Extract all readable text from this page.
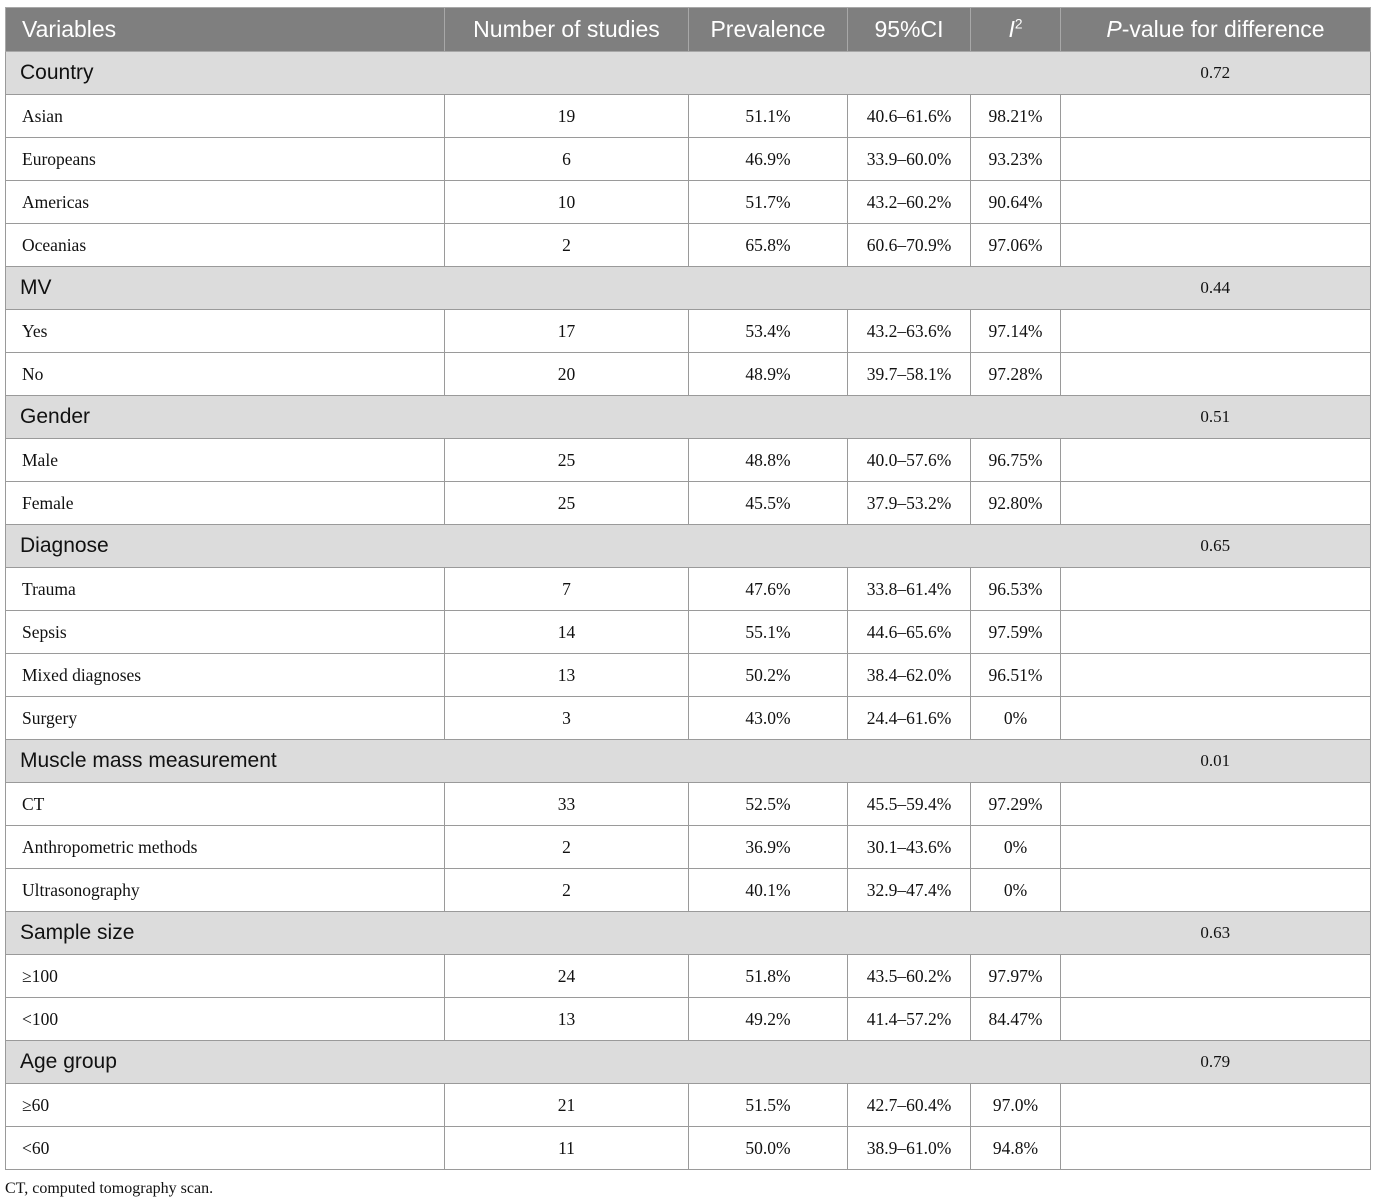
Variables	Number of studies	Prevalence	95%CI	$I^2$	P-value for difference
Country					0.72
Asian	19	51.1%	40.6–61.6%	98.21%	
Europeans	6	46.9%	33.9–60.0%	93.23%	
Americas	10	51.7%	43.2–60.2%	90.64%	
Oceanias	2	65.8%	60.6–70.9%	97.06%	
MV					0.44
Yes	17	53.4%	43.2–63.6%	97.14%	
No	20	48.9%	39.7–58.1%	97.28%	
Gender					0.51
Male	25	48.8%	40.0–57.6%	96.75%	
Female	25	45.5%	37.9–53.2%	92.80%	
Diagnose					0.65
Trauma	7	47.6%	33.8–61.4%	96.53%	
Sepsis	14	55.1%	44.6–65.6%	97.59%	
Mixed diagnoses	13	50.2%	38.4–62.0%	96.51%	
Surgery	3	43.0%	24.4–61.6%	0%	
Muscle mass measurement					0.01
CT	33	52.5%	45.5–59.4%	97.29%	
Anthropometric methods	2	36.9%	30.1–43.6%	0%	
Ultrasonography	2	40.1%	32.9–47.4%	0%	
Sample size					0.63
≥100	24	51.8%	43.5–60.2%	97.97%	
<100	13	49.2%	41.4–57.2%	84.47%	
Age group					0.79
≥60	21	51.5%	42.7–60.4%	97.0%	
<60	11	50.0%	38.9–61.0%	94.8%	
CT, computed tomography scan.
